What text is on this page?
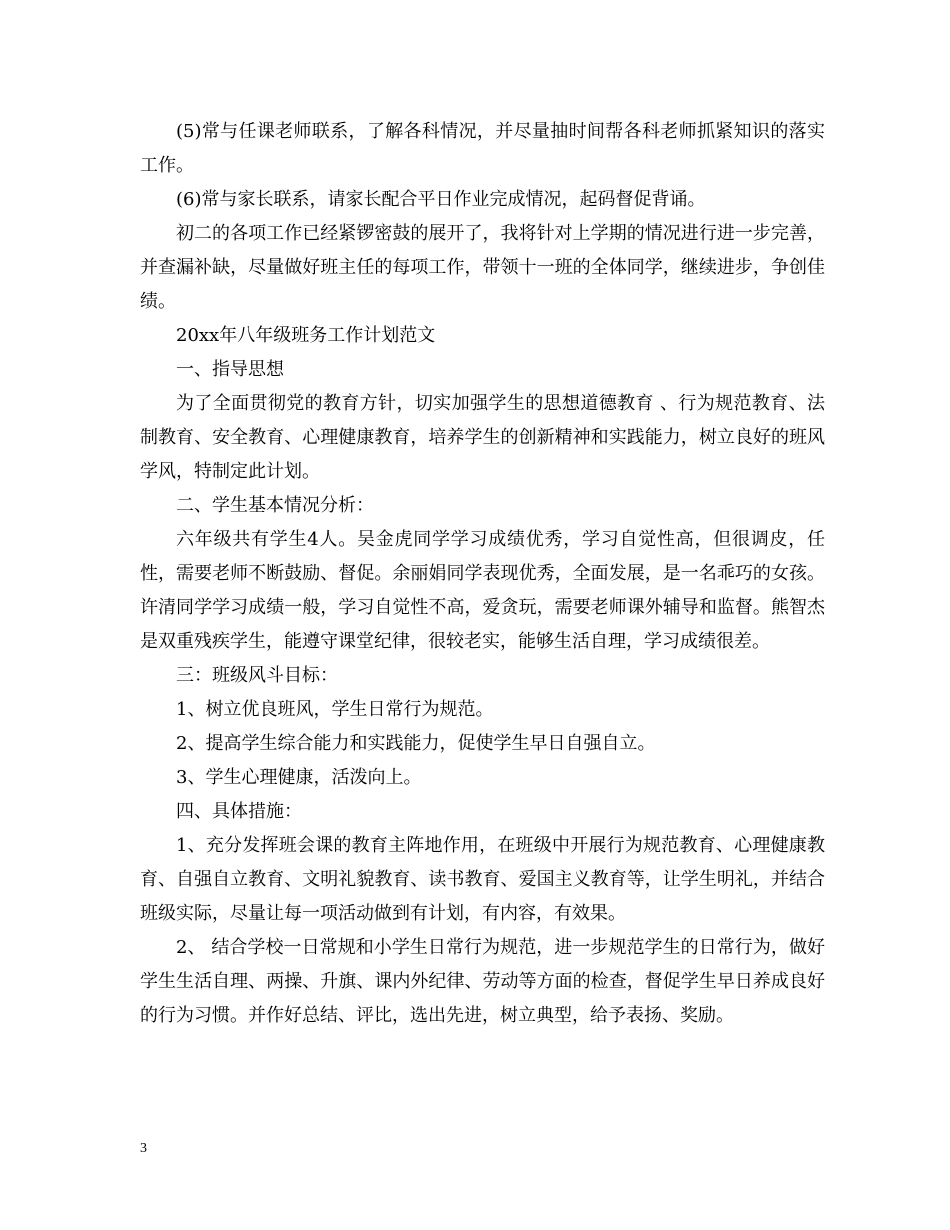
(5)常与任课老师联系，了解各科情况，并尽量抽时间帮各科老师抓紧知识的落实工作。

(6)常与家长联系，请家长配合平日作业完成情况，起码督促背诵。

初二的各项工作已经紧锣密鼓的展开了，我将针对上学期的情况进行进一步完善，并查漏补缺，尽量做好班主任的每项工作，带领十一班的全体同学，继续进步，争创佳绩。

20xx年八年级班务工作计划范文

一、指导思想

为了全面贯彻党的教育方针，切实加强学生的思想道德教育 、行为规范教育、法制教育、安全教育、心理健康教育，培养学生的创新精神和实践能力，树立良好的班风学风，特制定此计划。

二、学生基本情况分析：

六年级共有学生4人。吴金虎同学学习成绩优秀，学习自觉性高，但很调皮，任性，需要老师不断鼓励、督促。余丽娟同学表现优秀，全面发展，是一名乖巧的女孩。许清同学学习成绩一般，学习自觉性不高，爱贪玩，需要老师课外辅导和监督。熊智杰是双重残疾学生，能遵守课堂纪律，很较老实，能够生活自理，学习成绩很差。

三：班级风斗目标：

1、树立优良班风，学生日常行为规范。

2、提高学生综合能力和实践能力，促使学生早日自强自立。

3、学生心理健康，活泼向上。

四、具体措施：

1、充分发挥班会课的教育主阵地作用，在班级中开展行为规范教育、心理健康教育、自强自立教育、文明礼貌教育、读书教育、爱国主义教育等，让学生明礼，并结合班级实际，尽量让每一项活动做到有计划，有内容，有效果。

2、 结合学校一日常规和小学生日常行为规范，进一步规范学生的日常行为，做好学生生活自理、两操、升旗、课内外纪律、劳动等方面的检查，督促学生早日养成良好的行为习惯。并作好总结、评比，选出先进，树立典型，给予表扬、奖励。

3
